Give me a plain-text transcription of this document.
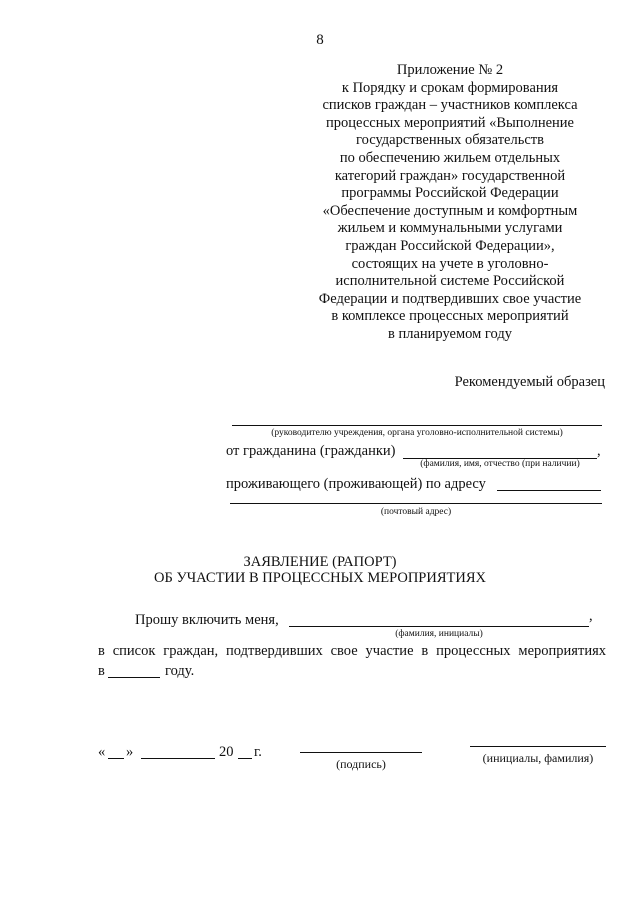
8
Приложение № 2
к Порядку и срокам формирования
списков граждан – участников комплекса
процессных мероприятий «Выполнение
государственных обязательств
по обеспечению жильем отдельных
категорий граждан» государственной
программы Российской Федерации
«Обеспечение доступным и комфортным
жильем и коммунальными услугами
граждан Российской Федерации»,
состоящих на учете в уголовно-
исполнительной системе Российской
Федерации и подтвердивших свое участие
в комплексе процессных мероприятий
в планируемом году
Рекомендуемый образец
(руководителю учреждения, органа уголовно-исполнительной системы)
от гражданина (гражданки)	,
(фамилия, имя, отчество (при наличии)
проживающего (проживающей) по адресу
(почтовый адрес)
ЗАЯВЛЕНИЕ (РАПОРТ)
ОБ УЧАСТИИ В ПРОЦЕССНЫХ МЕРОПРИЯТИЯХ
Прошу включить меня,	,
(фамилия, инициалы)
в список граждан, подтвердивших свое участие в процессных мероприятиях
в	году.
« »	20 г.
(подпись)	(инициалы, фамилия)
